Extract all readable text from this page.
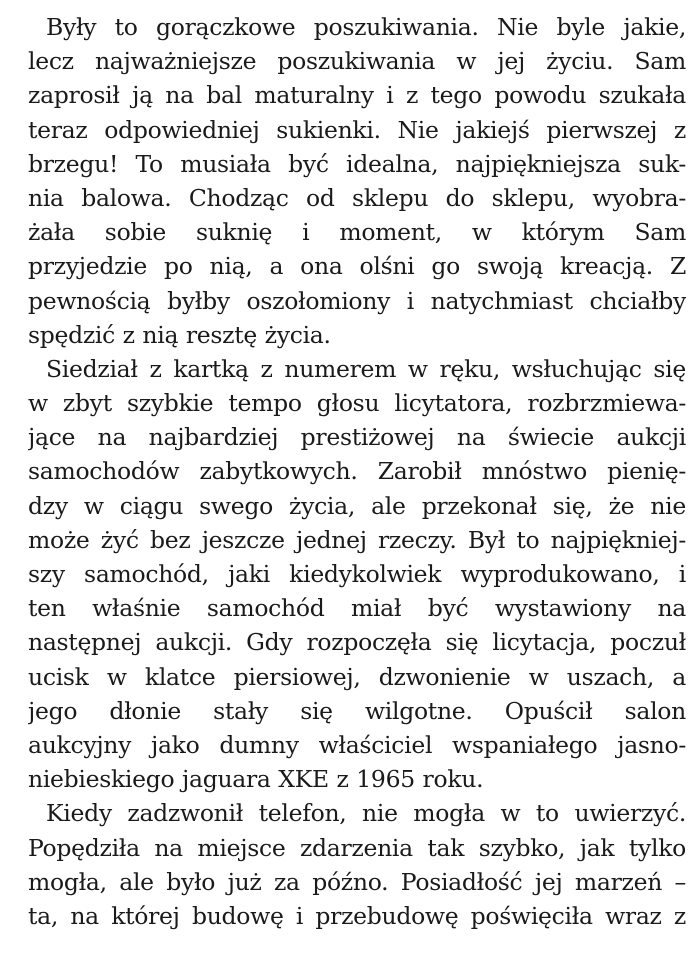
Były to gorączkowe poszukiwania. Nie byle jakie,
lecz najważniejsze poszukiwania w jej życiu. Sam
zaprosił ją na bal maturalny i z tego powodu szukała
teraz odpowiedniej sukienki. Nie jakiejś pierwszej z
brzegu! To musiała być idealna, najpiękniejsza suk-
nia balowa. Chodząc od sklepu do sklepu, wyobra-
żała sobie suknię i moment, w którym Sam
przyjedzie po nią, a ona olśni go swoją kreacją. Z
pewnością byłby oszołomiony i natychmiast chciałby
spędzić z nią resztę życia.
Siedział z kartką z numerem w ręku, wsłuchując się
w zbyt szybkie tempo głosu licytatora, rozbrzmiewa-
jące na najbardziej prestiżowej na świecie aukcji
samochodów zabytkowych. Zarobił mnóstwo pienię-
dzy w ciągu swego życia, ale przekonał się, że nie
może żyć bez jeszcze jednej rzeczy. Był to najpiękniej-
szy samochód, jaki kiedykolwiek wyprodukowano, i
ten właśnie samochód miał być wystawiony na
następnej aukcji. Gdy rozpoczęła się licytacja, poczuł
ucisk w klatce piersiowej, dzwonienie w uszach, a
jego dłonie stały się wilgotne. Opuścił salon
aukcyjny jako dumny właściciel wspaniałego jasno-
niebieskiego jaguara XKE z 1965 roku.
Kiedy zadzwonił telefon, nie mogła w to uwierzyć.
Popędziła na miejsce zdarzenia tak szybko, jak tylko
mogła, ale było już za późno. Posiadłość jej marzeń –
ta, na której budowę i przebudowę poświęciła wraz z
